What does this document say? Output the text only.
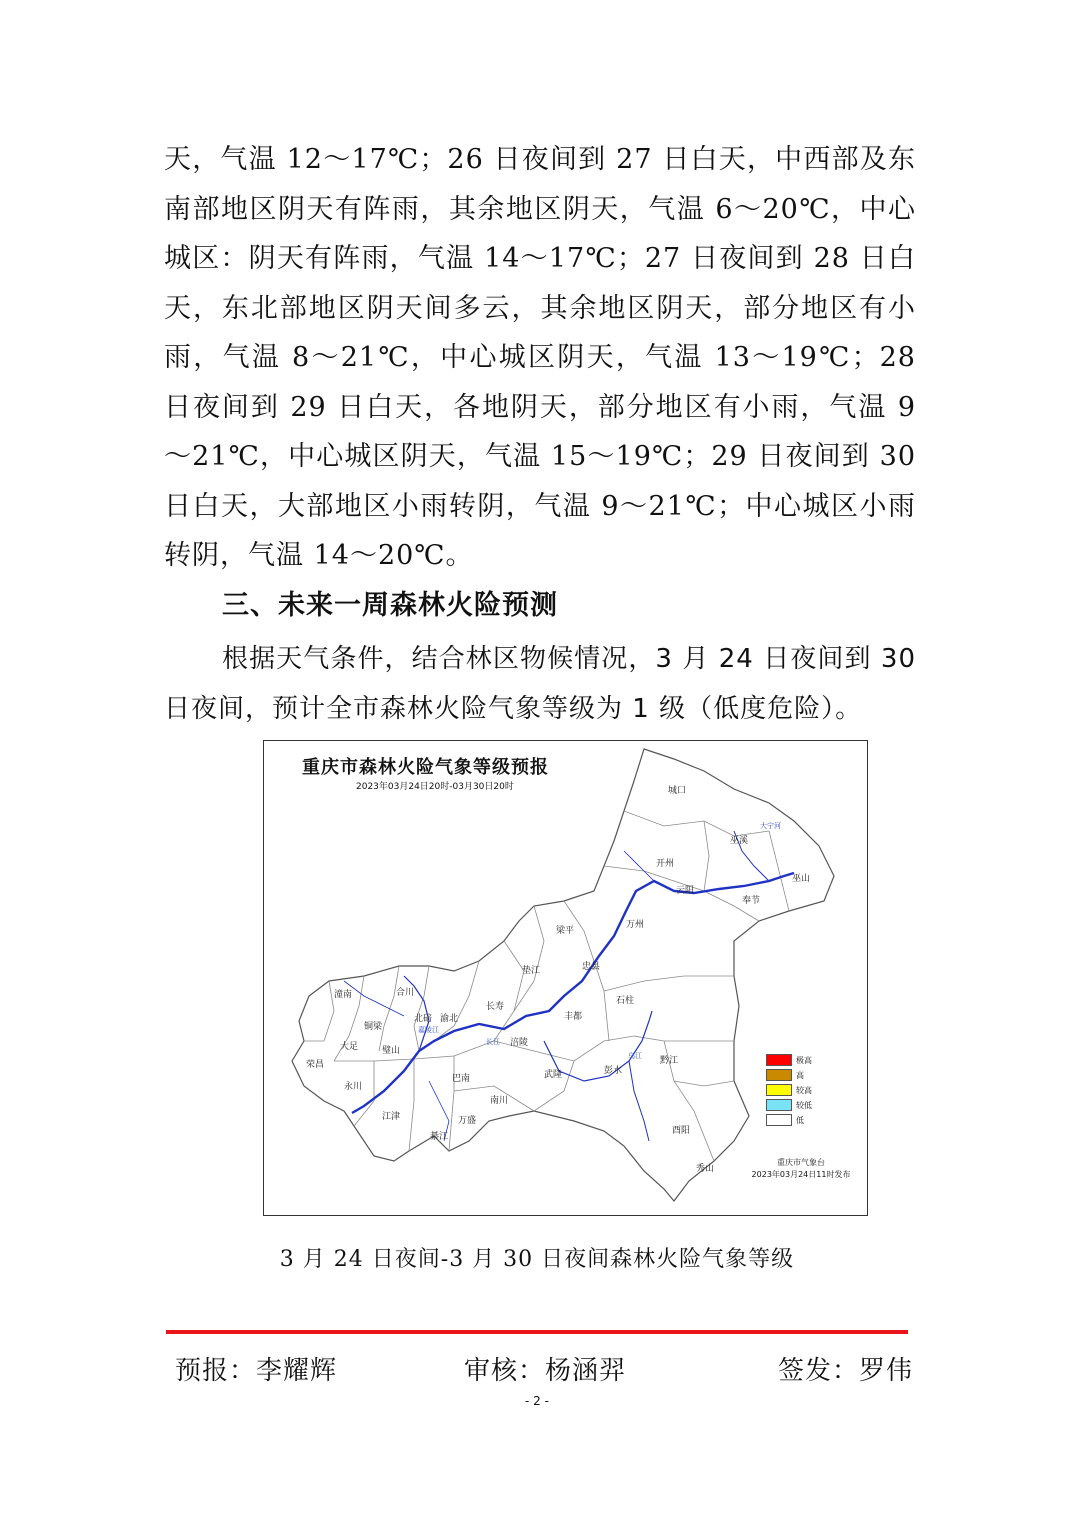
天，气温 12～17℃；26 日夜间到 27 日白天，中西部及东南部地区阴天有阵雨，其余地区阴天，气温 6～20℃，中心城区：阴天有阵雨，气温 14～17℃；27 日夜间到 28 日白天，东北部地区阴天间多云，其余地区阴天，部分地区有小雨，气温 8～21℃，中心城区阴天，气温 13～19℃；28 日夜间到 29 日白天，各地阴天，部分地区有小雨，气温 9～21℃，中心城区阴天，气温 15～19℃；29 日夜间到 30 日白天，大部地区小雨转阴，气温 9～21℃；中心城区小雨转阴，气温 14～20℃。

三、未来一周森林火险预测

根据天气条件，结合林区物候情况，3 月 24 日夜间到 30 日夜间，预计全市森林火险气象等级为 1 级（低度危险）。

重庆市森林火险气象等级预报
2023年03月24日20时-03月30日20时	城口
巫溪
开州
云阳
奉节
巫山
万州
梁平
垫江	忠县
石柱
潼南	合川
北碚 渝北
长寿
丰都
铜梁
大足
荣昌
璧山
涪陵
永川
巴南	武隆	彭水
黔江
江津
南川
万盛
綦江
酉阳
秀山
长江
嘉陵江
乌江
大宁河
极高
高
较高
较低
低
重庆市气象台
2023年03月24日11时发布

3 月 24 日夜间-3 月 30 日夜间森林火险气象等级

预报：李耀辉	审核：杨涵羿	签发：罗伟

- 2 -
